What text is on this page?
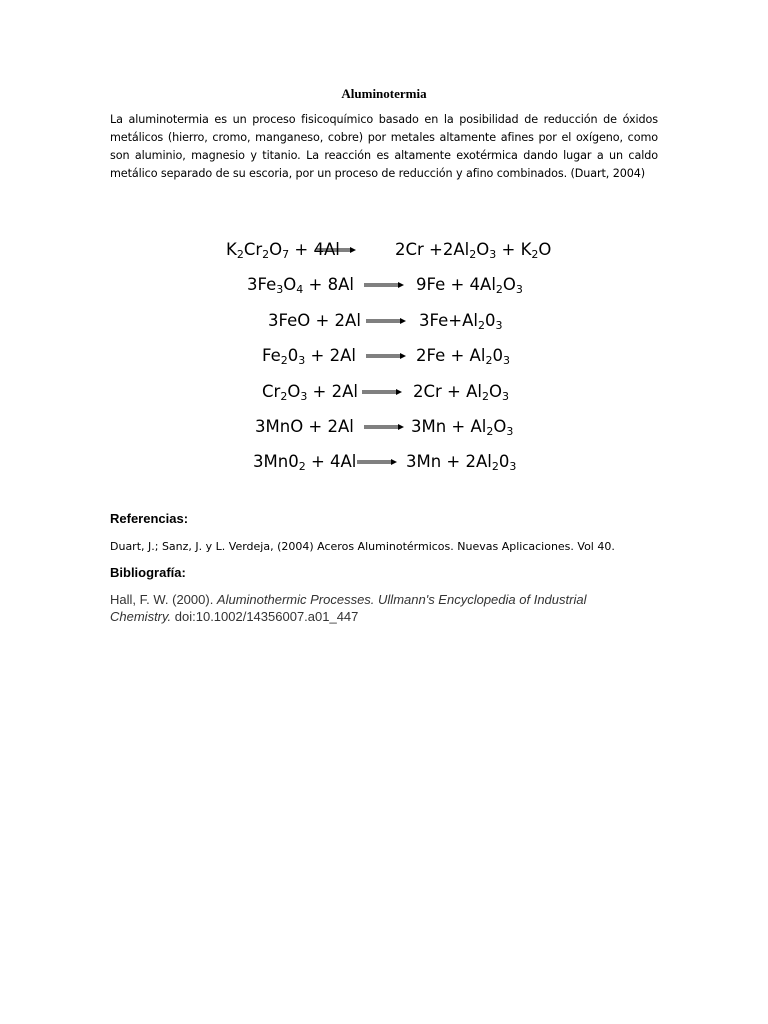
Aluminotermia
La aluminotermia es un proceso fisicoquímico basado en la posibilidad de reducción de óxidos metálicos (hierro, cromo, manganeso, cobre) por metales altamente afines por el oxígeno, como son aluminio, magnesio y titanio. La reacción es altamente exotérmica dando lugar a un caldo metálico separado de su escoria, por un proceso de reducción y afino combinados. (Duart, 2004)
$K_2Cr_2O_7 + 4Al$	$2Cr +2Al_2O_3 + K_2O$
$3Fe_3O_4 + 8Al$	$9Fe + 4Al_2O_3$
3FeO + 2Al	$3Fe+Al_20_3$
$Fe_20_3 + 2Al$	$2Fe + Al_20_3$
$Cr_2O_3 + 2Al$	$2Cr + Al_2O_3$
3MnO + 2Al	$3Mn + Al_2O_3$
$3Mn0_2 + 4Al$	$3Mn + 2Al_20_3$
Referencias:
Duart, J.; Sanz, J. y L. Verdeja, (2004) Aceros Aluminotérmicos. Nuevas Aplicaciones. Vol 40.
Bibliografía:
Hall, F. W. (2000). Aluminothermic Processes. Ullmann's Encyclopedia of Industrial Chemistry. doi:10.1002/14356007.a01_447
